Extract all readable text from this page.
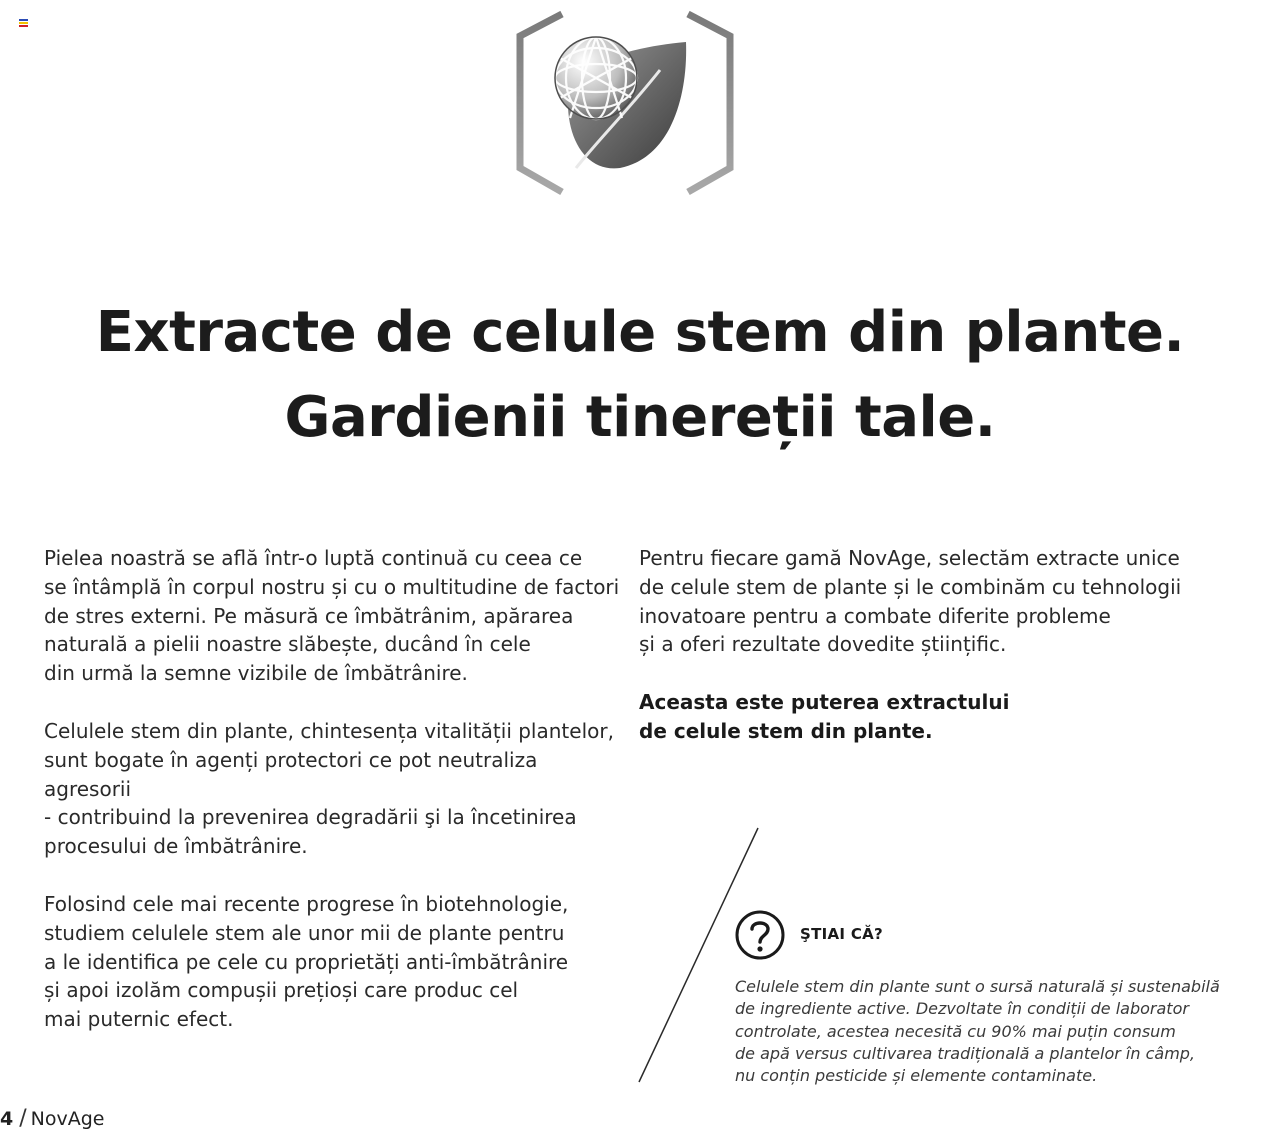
Extracte de celule stem din plante.
Gardienii tinereții tale.

Pielea noastră se află într-o luptă continuă cu ceea ce
se întâmplă în corpul nostru și cu o multitudine de factori
de stres externi. Pe măsură ce îmbătrânim, apărarea
naturală a pielii noastre slăbește, ducând în cele
din urmă la semne vizibile de îmbătrânire.

Celulele stem din plante, chintesența vitalității plantelor,
sunt bogate în agenți protectori ce pot neutraliza agresorii
- contribuind la prevenirea degradării şi la încetinirea
procesului de îmbătrânire.

Folosind cele mai recente progrese în biotehnologie,
studiem celulele stem ale unor mii de plante pentru
a le identifica pe cele cu proprietăți anti-îmbătrânire
și apoi izolăm compușii prețioși care produc cel
mai puternic efect.

Pentru fiecare gamă NovAge, selectăm extracte unice
de celule stem de plante și le combinăm cu tehnologii
inovatoare pentru a combate diferite probleme
și a oferi rezultate dovedite științific.

Aceasta este puterea extractului
de celule stem din plante.

ŞTIAI CĂ?
Celulele stem din plante sunt o sursă naturală și sustenabilă
de ingrediente active. Dezvoltate în condiții de laborator
controlate, acestea necesită cu 90% mai puțin consum
de apă versus cultivarea tradițională a plantelor în câmp,
nu conțin pesticide și elemente contaminate.
4 / NovAge
